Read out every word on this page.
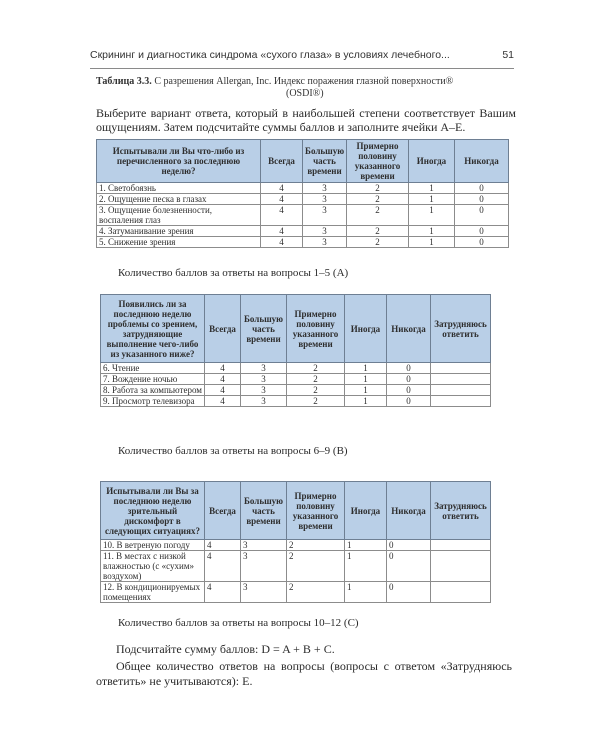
Скрининг и диагностика синдрома «сухого глаза» в условиях лечебного...	51
Таблица 3.3. С разрешения Allergan, Inc. Индекс поражения глазной поверхности®
(OSDI®)
Выберите вариант ответа, который в наибольшей степени соответствует Вашим ощущениям. Затем подсчитайте суммы баллов и заполните ячейки A–E.
Испытывали ли Вы что-либо из перечисленного за последнюю неделю?	Всегда	Большую часть времени	Примерно половину указанного времени	Иногда	Никогда
1. Светобоязнь	4	3	2	1	0
2. Ощущение песка в глазах	4	3	2	1	0
3. Ощущение болезненности, воспаления глаз	4	3	2	1	0
4. Затуманивание зрения	4	3	2	1	0
5. Снижение зрения	4	3	2	1	0
Количество баллов за ответы на вопросы 1–5 (A)
Появились ли за последнюю неделю проблемы со зрением, затрудняющие выполнение чего-либо из указанного ниже?	Всегда	Большую часть времени	Примерно половину указанного времени	Иногда	Никогда	Затрудняюсь ответить
6. Чтение	4	3	2	1	0	
7. Вождение ночью	4	3	2	1	0	
8. Работа за компьютером	4	3	2	1	0	
9. Просмотр телевизора	4	3	2	1	0	
Количество баллов за ответы на вопросы 6–9 (B)
Испытывали ли Вы за последнюю неделю зрительный дискомфорт в следующих ситуациях?	Всегда	Большую часть времени	Примерно половину указанного времени	Иногда	Никогда	Затрудняюсь ответить
10. В ветреную погоду	4	3	2	1	0	
11. В местах с низкой влажностью (с «сухим» воздухом)	4	3	2	1	0	
12. В кондиционируемых помещениях	4	3	2	1	0	
Количество баллов за ответы на вопросы 10–12 (C)
Подсчитайте сумму баллов: D = A + B + C.
Общее количество ответов на вопросы (вопросы с ответом «Затрудняюсь ответить» не учитываются): E.
